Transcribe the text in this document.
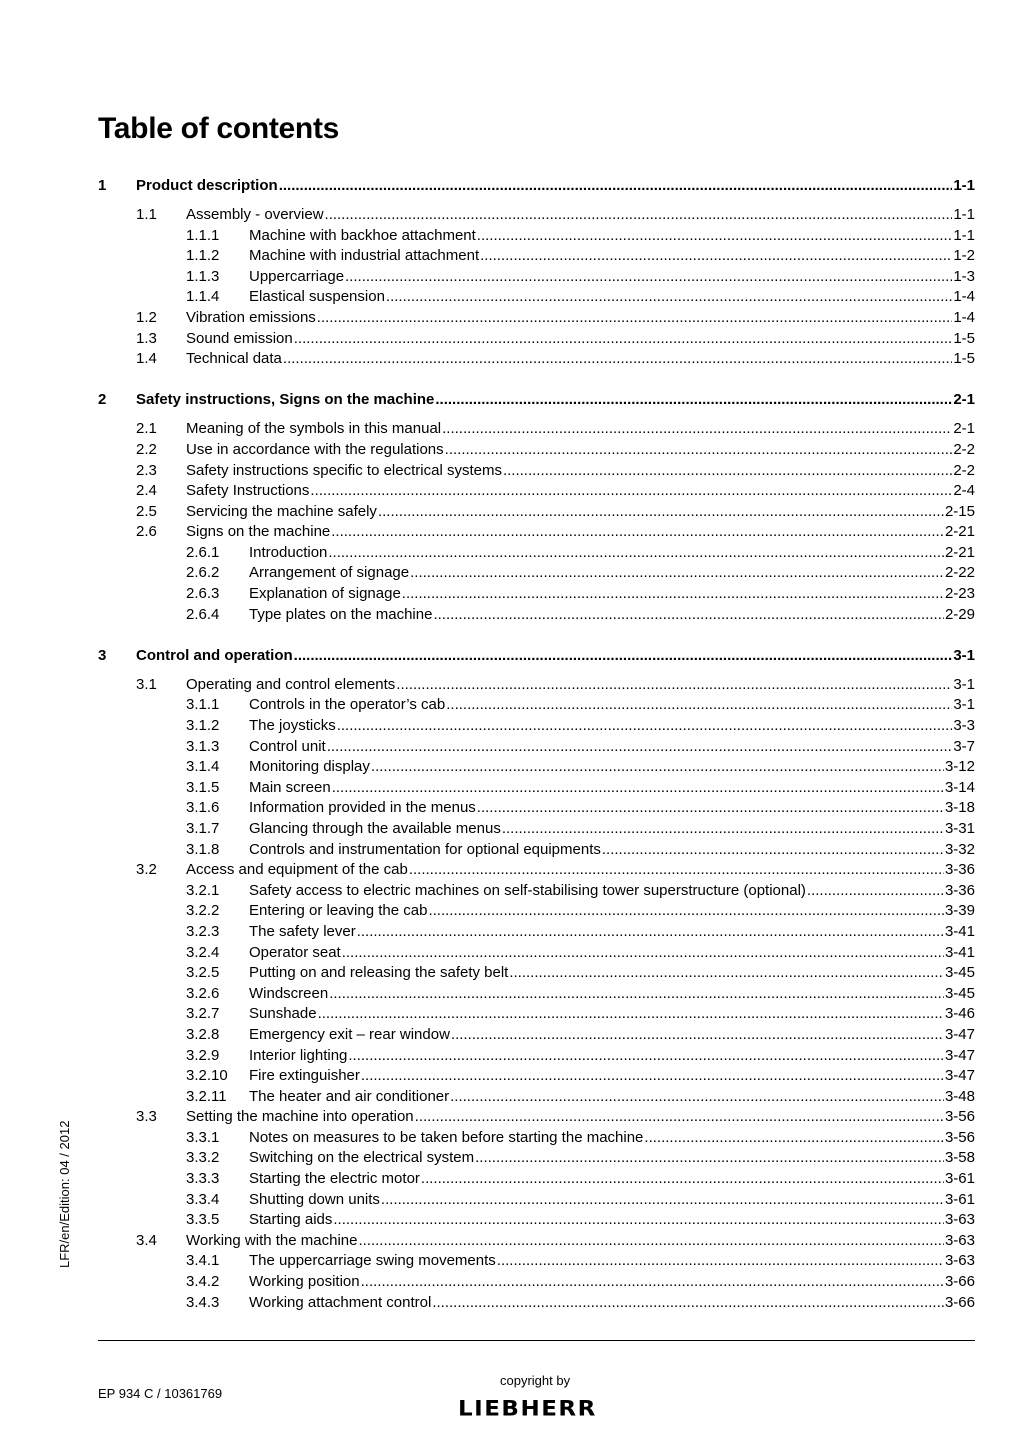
Table of contents
1 Product description .....	1-1
1.1 Assembly - overview .....	1-1
1.1.1 Machine with backhoe attachment .....	1-1
1.1.2 Machine with industrial attachment .....	1-2
1.1.3 Uppercarriage .....	1-3
1.1.4 Elastical suspension .....	1-4
1.2 Vibration emissions .....	1-4
1.3 Sound emission .....	1-5
1.4 Technical data .....	1-5
2 Safety instructions, Signs on the machine .....	2-1
2.1 Meaning of the symbols in this manual .....	2-1
2.2 Use in accordance with the regulations .....	2-2
2.3 Safety instructions specific to electrical systems .....	2-2
2.4 Safety Instructions .....	2-4
2.5 Servicing the machine safely .....	2-15
2.6 Signs on the machine .....	2-21
2.6.1 Introduction .....	2-21
2.6.2 Arrangement of signage .....	2-22
2.6.3 Explanation of signage .....	2-23
2.6.4 Type plates on the machine .....	2-29
3 Control and operation .....	3-1
3.1 Operating and control elements .....	3-1
3.1.1 Controls in the operator’s cab .....	3-1
3.1.2 The joysticks .....	3-3
3.1.3 Control unit .....	3-7
3.1.4 Monitoring display .....	3-12
3.1.5 Main screen .....	3-14
3.1.6 Information provided in the menus .....	3-18
3.1.7 Glancing through the available menus .....	3-31
3.1.8 Controls and instrumentation for optional equipments .....	3-32
3.2 Access and equipment of the cab .....	3-36
3.2.1 Safety access to electric machines on self-stabilising tower superstructure (optional) .....	3-36
3.2.2 Entering or leaving the cab .....	3-39
3.2.3 The safety lever .....	3-41
3.2.4 Operator seat .....	3-41
3.2.5 Putting on and releasing the safety belt .....	3-45
3.2.6 Windscreen .....	3-45
3.2.7 Sunshade .....	3-46
3.2.8 Emergency exit – rear window .....	3-47
3.2.9 Interior lighting .....	3-47
3.2.10 Fire extinguisher .....	3-47
3.2.11 The heater and air conditioner .....	3-48
3.3 Setting the machine into operation .....	3-56
3.3.1 Notes on measures to be taken before starting the machine .....	3-56
3.3.2 Switching on the electrical system .....	3-58
3.3.3 Starting the electric motor .....	3-61
3.3.4 Shutting down units .....	3-61
3.3.5 Starting aids .....	3-63
3.4 Working with the machine .....	3-63
3.4.1 The uppercarriage swing movements .....	3-63
3.4.2 Working position .....	3-66
3.4.3 Working attachment control .....	3-66
LFR/en/Edition: 04 / 2012
EP 934 C / 10361769
copyright by
LIEBHERR
